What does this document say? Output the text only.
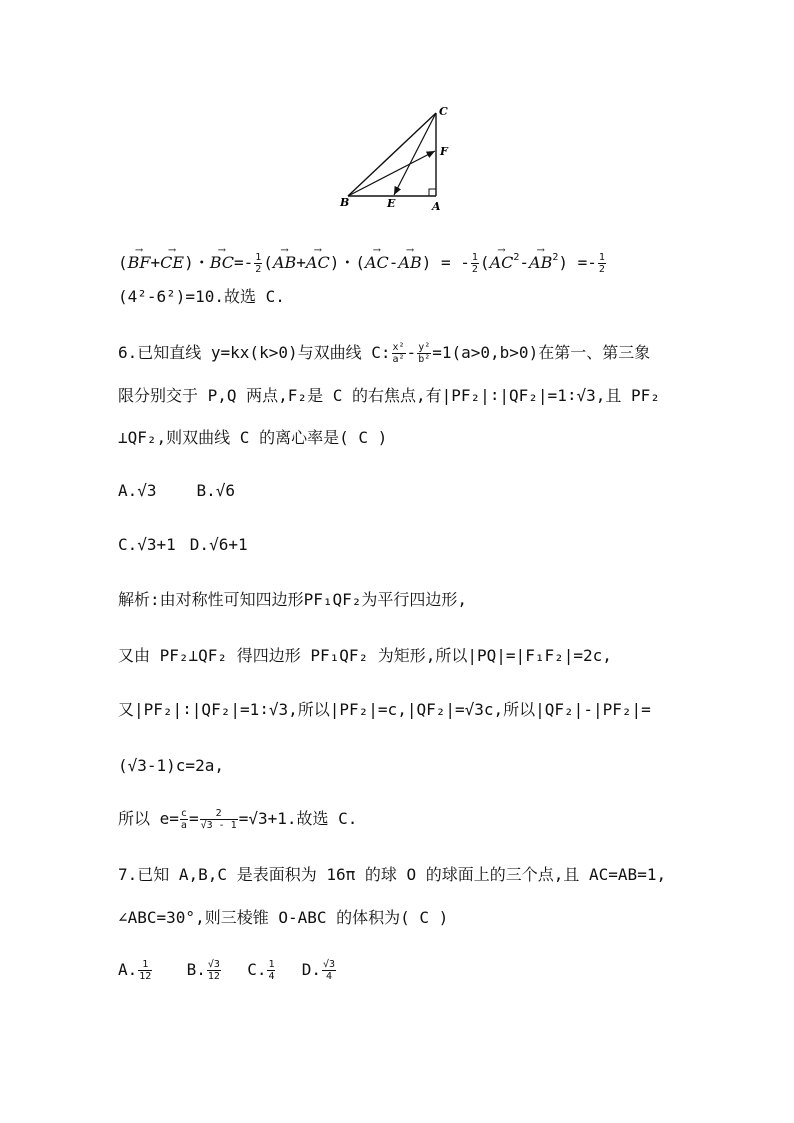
C
F
B	E	A
(→ BF+→ CE)・→ $BC=- \frac{1}{2}$ (→ AB+→ AC)・(→ AC-→ AB) = - $\frac{1}{2}$ (→ $AC^2-\to AB^2) =- \frac{1}{2}$
(4²-6²)=10.故选 C.
6.已知直线 y=kx(k>0)与双曲线 C: $\frac{\text{x²}}{\text{a²}} - \frac{\text{y²}}{\text{b²}} =1(a>0,b>0)$在第一、第三象
限分别交于 P,Q 两点,F₂是 C 的右焦点,有|PF₂|∶|QF₂|=1∶√3,且 PF₂
⊥QF₂,则双曲线 C 的离心率是( C )
A.√3	B.√6
C.√3+1 D.√6+1
解析:由对称性可知四边形PF₁QF₂为平行四边形,
又由 PF₂⊥QF₂ 得四边形 PF₁QF₂ 为矩形,所以|PQ|=|F₁F₂|=2c,
又|PF₂|∶|QF₂|=1∶√3,所以|PF₂|=c,|QF₂|=√3c,所以|QF₂|-|PF₂|=
(√3-1)c=2a,
所以 $e= \frac{c}{a} = \frac{2}{√3 - 1} =√3+1$.故选 C.
7.已知 A,B,C 是表面积为 16π 的球 O 的球面上的三个点,且 AC=AB=1,
∠ABC=30°,则三棱锥 O-ABC 的体积为( C )
A. $\frac{1}{12} B$. $\frac{√3}{12} C$. $\frac{1}{4} D$. $\frac{√3}{4}$
